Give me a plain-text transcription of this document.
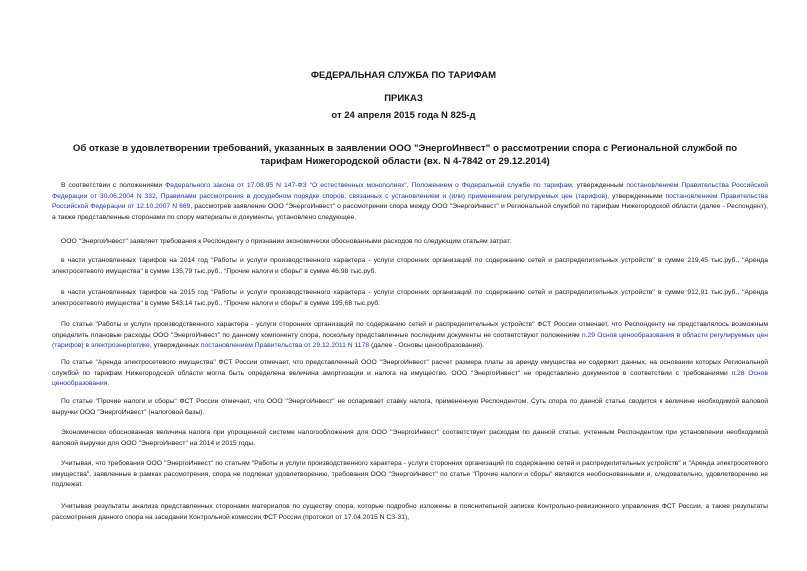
ФЕДЕРАЛЬНАЯ СЛУЖБА ПО ТАРИФАМ
ПРИКАЗ
от 24 апреля 2015 года N 825-д
Об отказе в удовлетворении требований, указанных в заявлении ООО "ЭнергоИнвест" о рассмотрении спора с Региональной службой по тарифам Нижегородской области (вх. N 4-7842 от 29.12.2014)

В соответствии с положениями Федерального закона от 17.08.95 N 147-ФЗ "О естественных монополиях", Положением о Федеральной службе по тарифам, утвержденным постановлением Правительства Российской Федерации от 30.06.2004 N 332, Правилами рассмотрения в досудебном порядке споров, связанных с установлением и (или) применением регулируемых цен (тарифов), утвержденными постановлением Правительства Российской Федерации от 12.10.2007 N 669, рассмотрев заявление ООО "ЭнергоИнвест" о рассмотрении спора между ООО "ЭнергоИнвест" и Региональной службой по тарифам Нижегородской области (далее - Респондент), а также представленные сторонами по спору материалы и документы, установлено следующее.

ООО "ЭнергоИнвест" заявляет требования к Респонденту о признании экономически обоснованными расходов по следующим статьям затрат:

в части установленных тарифов на 2014 год "Работы и услуги производственного характера - услуги сторонних организаций по содержанию сетей и распределительных устройств" в сумме 219,45 тыс.руб., "Аренда электросетевого имущества" в сумме 135,79 тыс.руб., "Прочие налоги и сборы" в сумме 46,98 тыс.руб.

в части установленных тарифов на 2015 год "Работы и услуги производственного характера - услуги сторонних организаций по содержанию сетей и распределительных устройств" в сумме 912,91 тыс.руб., "Аренда электросетевого имущества" в сумме 543,14 тыс.руб., "Прочие налоги и сборы" в сумме 195,68 тыс.руб.

По статье "Работы и услуги производственного характера - услуги сторонних организаций по содержанию сетей и распределительных устройств" ФСТ России отмечает, что Респонденту не представлялось возможным определить плановые расходы ООО "ЭнергоИнвест" по данному компоненту спора, поскольку представленные последним документы не соответствуют положениям п.29 Основ ценообразования в области регулируемых цен (тарифов) в электроэнергетике, утвержденных постановлением Правительства от 29.12.2011 N 1178 (далее - Основы ценообразования).

По статье "Аренда электросетевого имущества" ФСТ России отмечает, что представленный ООО "ЭнергоИнвест" расчет размера платы за аренду имущества не содержит данных, на основании которых Региональной службой по тарифам Нижегородской области могла быть определена величина амортизации и налога на имущество. ООО "ЭнергоИнвест" не представлено документов в соответствии с требованиями п.28 Основ ценообразования.

По статье "Прочие налоги и сборы" ФСТ России отмечает, что ООО "ЭнергоИнвест" не оспаривает ставку налога, примененную Респондентом. Суть спора по данной статье сводится к величине необходимой валовой выручки ООО "ЭнергоИнвест" (налоговой базы).

Экономически обоснованная величина налога при упрощенной системе налогообложения для ООО "ЭнергоИнвест" соответствует расходам по данной статье, учтенным Респондентом при установлении необходимой валовой выручки для ООО "ЭнергоИнвест" на 2014 и 2015 годы.

Учитывая, что требования ООО "ЭнергоИнвест" по статьям "Работы и услуги производственного характера - услуги сторонних организаций по содержанию сетей и распределительных устройств" и "Аренда электросетевого имущества", заявленные в рамках рассмотрения, спора не подлежат удовлетворению, требования ООО "ЭнергоИнвест" по статье "Прочие налоги и сборы" являются необоснованными и, следовательно, удовлетворению не подлежат.

Учитывая результаты анализа представленных сторонами материалов по существу спора, которые подробно изложены в пояснительной записке Контрольно-ревизионного управления ФСТ России, а также результаты рассмотрения данного спора на заседании Контрольной комиссии ФСТ России (протокол от 17.04.2015 N СЗ-31),
